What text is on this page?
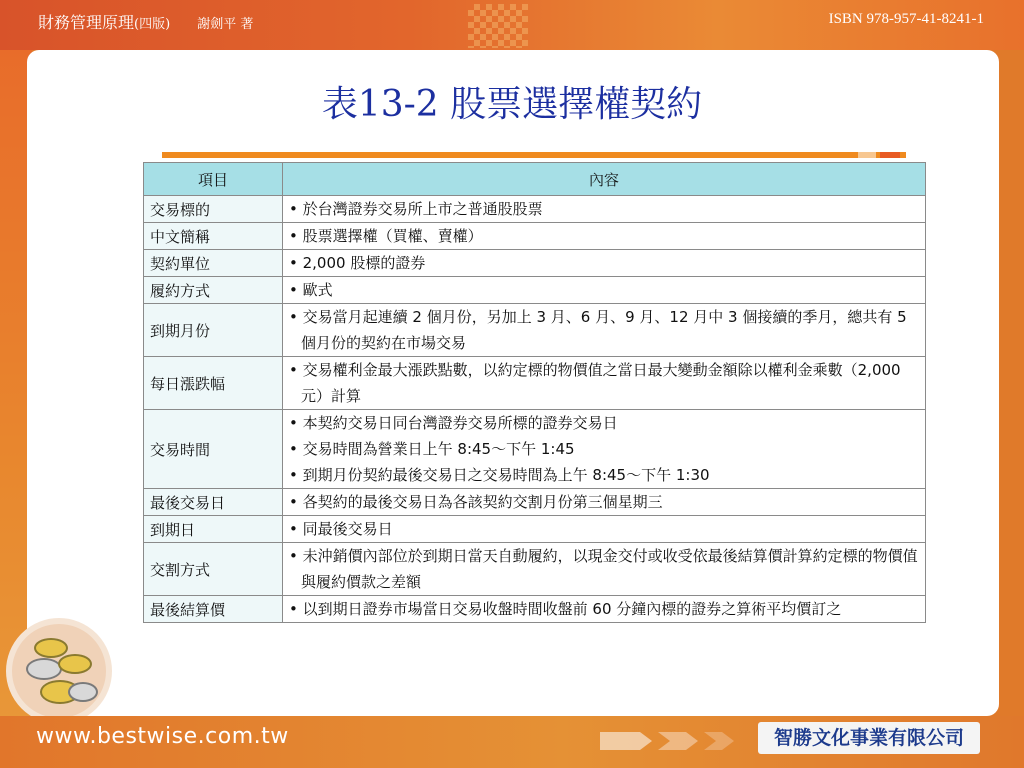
財務管理原理(四版) 謝劍平 著	ISBN 978-957-41-8241-1
表13-2 股票選擇權契約
項目	內容
交易標的	• 於台灣證券交易所上市之普通股股票

中文簡稱	• 股票選擇權（買權、賣權）

契約單位	• 2,000 股標的證券

履約方式	• 歐式

到期月份	• 交易當月起連續 2 個月份，另加上 3 月、6 月、9 月、12 月中 3 個接續的季月，總共有 5 個月份的契約在市場交易

每日漲跌幅	• 交易權利金最大漲跌點數，以約定標的物價值之當日最大變動金額除以權利金乘數（2,000 元）計算

交易時間	• 本契約交易日同台灣證券交易所標的證券交易日
• 交易時間為營業日上午 8:45～下午 1:45
• 到期月份契約最後交易日之交易時間為上午 8:45～下午 1:30

最後交易日	• 各契約的最後交易日為各該契約交割月份第三個星期三

到期日	• 同最後交易日

交割方式	• 未沖銷價內部位於到期日當天自動履約，以現金交付或收受依最後結算價計算約定標的物價值與履約價款之差額

最後結算價	• 以到期日證券市場當日交易收盤時間收盤前 60 分鐘內標的證券之算術平均價訂之
www.bestwise.com.tw	智勝文化事業有限公司
